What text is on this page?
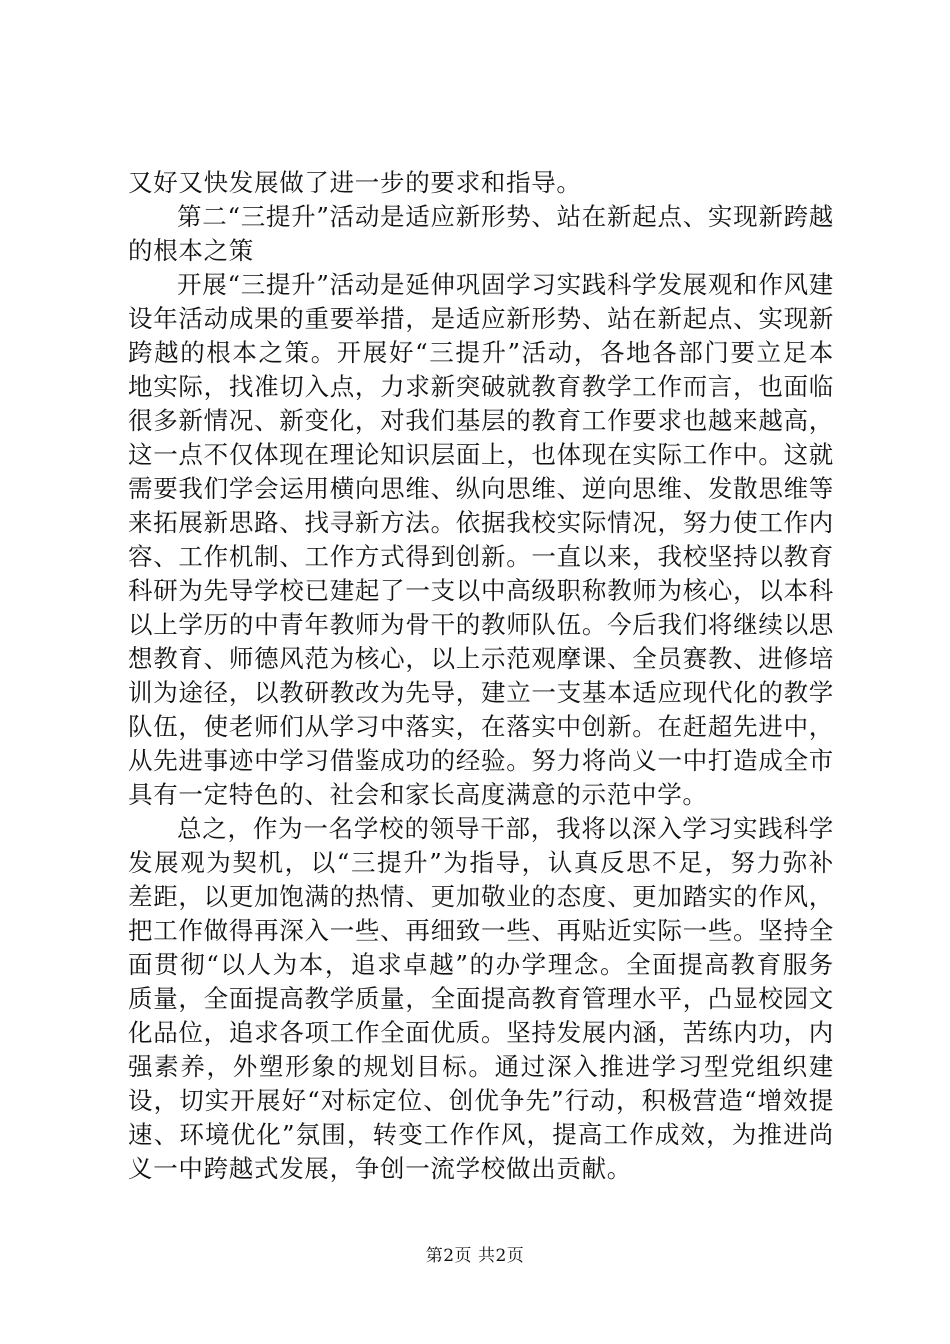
又好又快发展做了进一步的要求和指导。

第二“三提升”活动是适应新形势、站在新起点、实现新跨越的根本之策

开展“三提升”活动是延伸巩固学习实践科学发展观和作风建设年活动成果的重要举措，是适应新形势、站在新起点、实现新跨越的根本之策。开展好“三提升”活动，各地各部门要立足本地实际，找准切入点，力求新突破就教育教学工作而言，也面临很多新情况、新变化，对我们基层的教育工作要求也越来越高，这一点不仅体现在理论知识层面上，也体现在实际工作中。这就需要我们学会运用横向思维、纵向思维、逆向思维、发散思维等来拓展新思路、找寻新方法。依据我校实际情况，努力使工作内容、工作机制、工作方式得到创新。一直以来，我校坚持以教育科研为先导学校已建起了一支以中高级职称教师为核心，以本科以上学历的中青年教师为骨干的教师队伍。今后我们将继续以思想教育、师德风范为核心，以上示范观摩课、全员赛教、进修培训为途径，以教研教改为先导，建立一支基本适应现代化的教学队伍，使老师们从学习中落实，在落实中创新。在赶超先进中，从先进事迹中学习借鉴成功的经验。努力将尚义一中打造成全市具有一定特色的、社会和家长高度满意的示范中学。

总之，作为一名学校的领导干部，我将以深入学习实践科学发展观为契机，以“三提升”为指导，认真反思不足，努力弥补差距，以更加饱满的热情、更加敬业的态度、更加踏实的作风，把工作做得再深入一些、再细致一些、再贴近实际一些。坚持全面贯彻“以人为本，追求卓越”的办学理念。全面提高教育服务质量，全面提高教学质量，全面提高教育管理水平，凸显校园文化品位，追求各项工作全面优质。坚持发展内涵，苦练内功，内强素养，外塑形象的规划目标。通过深入推进学习型党组织建设，切实开展好“对标定位、创优争先”行动，积极营造“增效提速、环境优化”氛围，转变工作作风，提高工作成效，为推进尚义一中跨越式发展，争创一流学校做出贡献。

第2页 共2页
